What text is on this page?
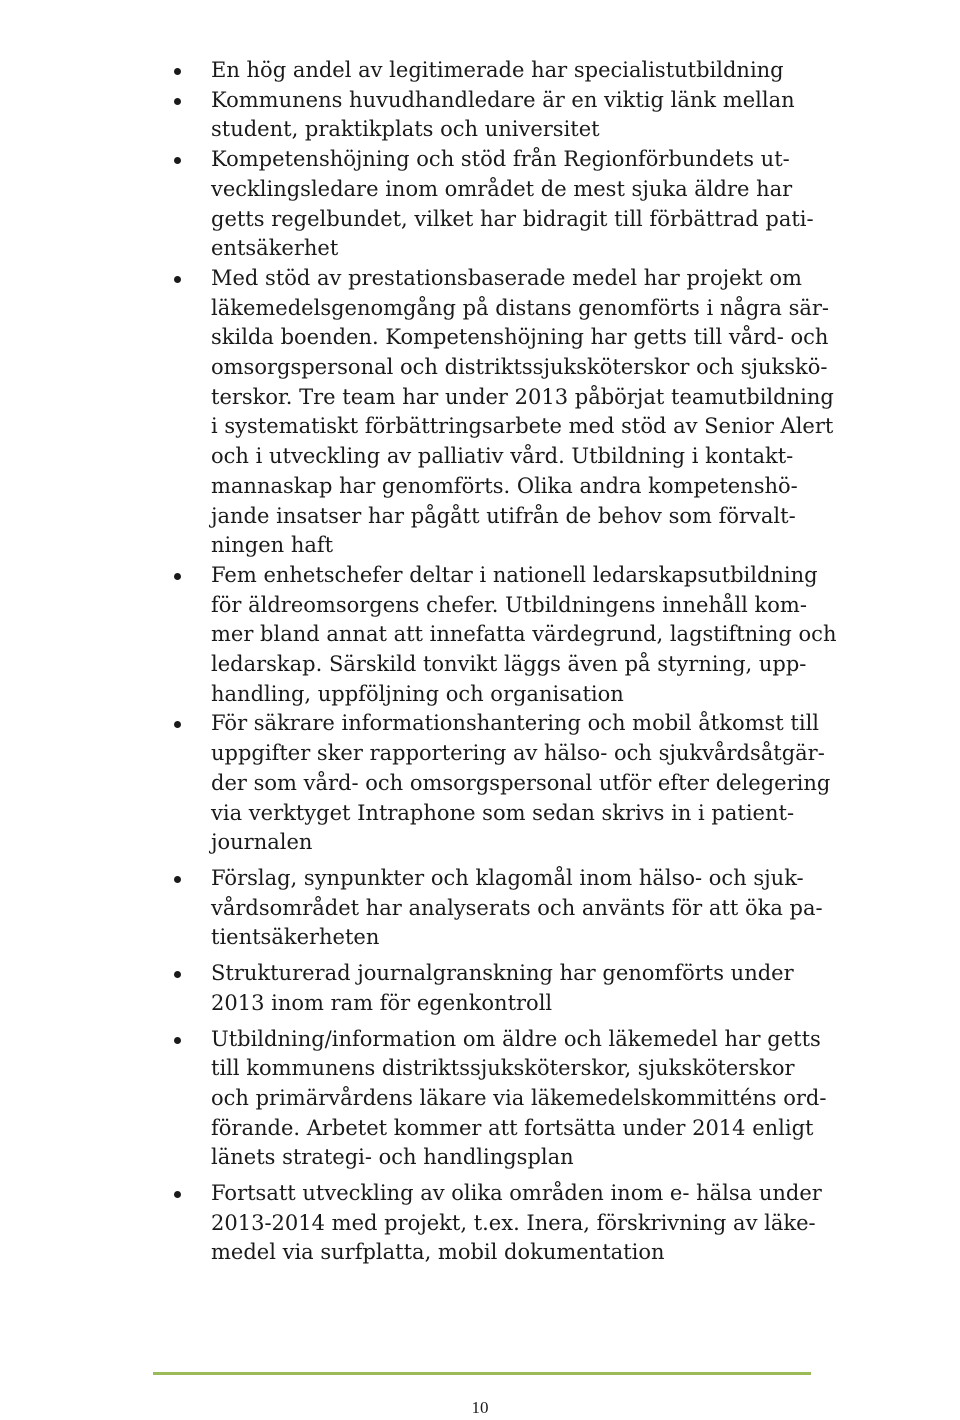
En hög andel av legitimerade har specialistutbildning
Kommunens huvudhandledare är en viktig länk mellan
student, praktikplats och universitet
Kompetenshöjning och stöd från Regionförbundets ut-
vecklingsledare inom området de mest sjuka äldre har
getts regelbundet, vilket har bidragit till förbättrad pati-
entsäkerhet
Med stöd av prestationsbaserade medel har projekt om
läkemedelsgenomgång på distans genomförts i några sär-
skilda boenden. Kompetenshöjning har getts till vård- och
omsorgspersonal och distriktssjuksköterskor och sjukskö-
terskor. Tre team har under 2013 påbörjat teamutbildning
i systematiskt förbättringsarbete med stöd av Senior Alert
och i utveckling av palliativ vård. Utbildning i kontakt-
mannaskap har genomförts. Olika andra kompetenshö-
jande insatser har pågått utifrån de behov som förvalt-
ningen haft
Fem enhetschefer deltar i nationell ledarskapsutbildning
för äldreomsorgens chefer. Utbildningens innehåll kom-
mer bland annat att innefatta värdegrund, lagstiftning och
ledarskap. Särskild tonvikt läggs även på styrning, upp-
handling, uppföljning och organisation
För säkrare informationshantering och mobil åtkomst till
uppgifter sker rapportering av hälso- och sjukvårdsåtgär-
der som vård- och omsorgspersonal utför efter delegering
via verktyget Intraphone som sedan skrivs in i patient-
journalen
Förslag, synpunkter och klagomål inom hälso- och sjuk-
vårdsområdet har analyserats och använts för att öka pa-
tientsäkerheten
Strukturerad journalgranskning har genomförts under
2013 inom ram för egenkontroll
Utbildning/information om äldre och läkemedel har getts
till kommunens distriktssjuksköterskor, sjuksköterskor
och primärvårdens läkare via läkemedelskommitténs ord-
förande. Arbetet kommer att fortsätta under 2014 enligt
länets strategi- och handlingsplan
Fortsatt utveckling av olika områden inom e- hälsa under
2013-2014 med projekt, t.ex. Inera, förskrivning av läke-
medel via surfplatta, mobil dokumentation
10
